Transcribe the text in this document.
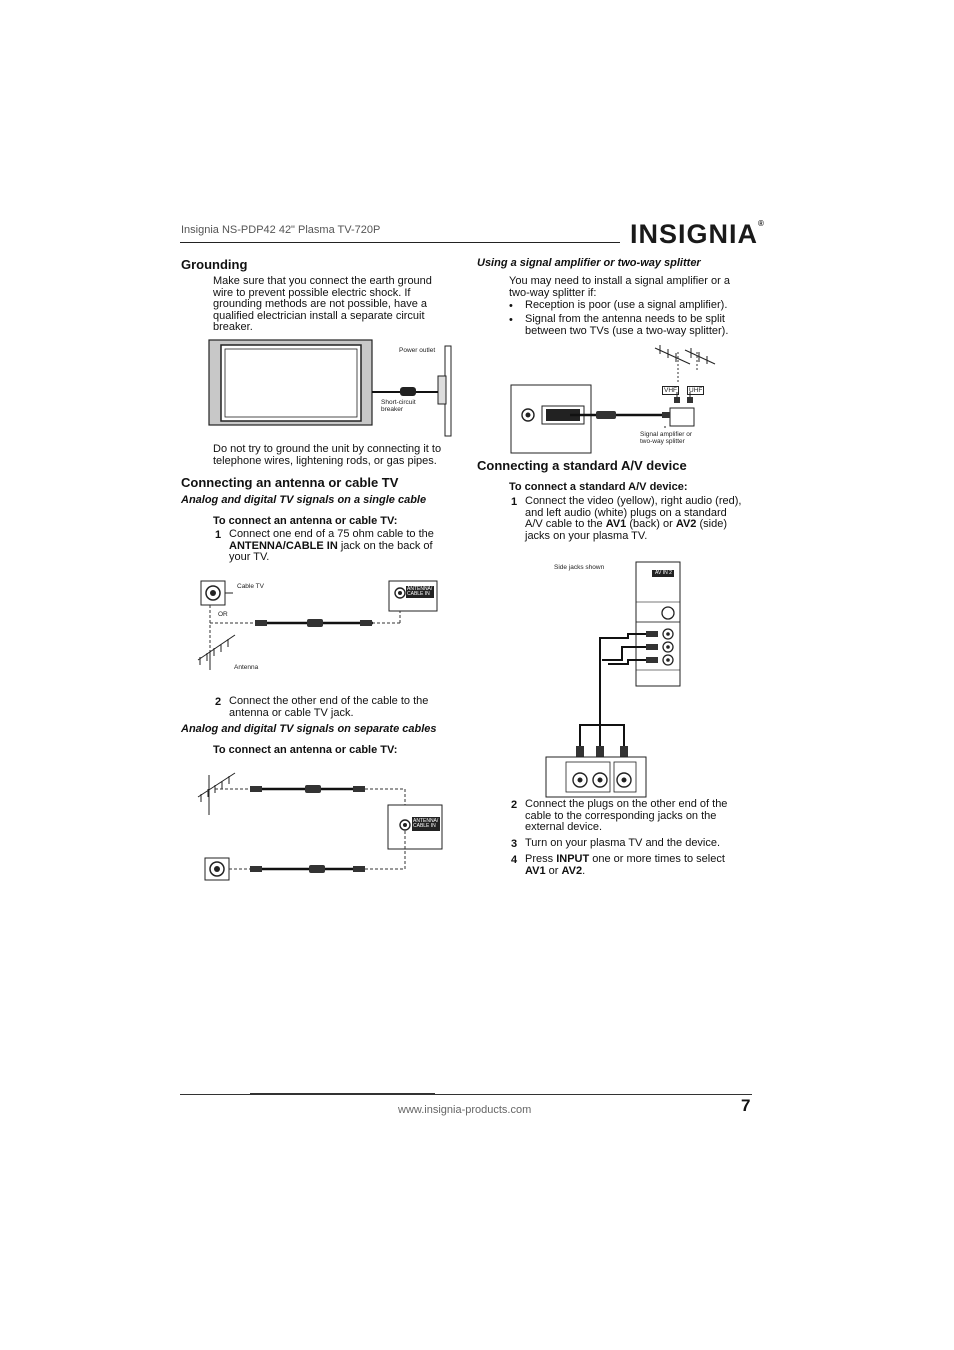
Insignia NS-PDP42 42" Plasma TV-720P	INSIGNIA®
Grounding
Make sure that you connect the earth ground
wire to prevent possible electric shock. If
grounding methods are not possible, have a
qualified electrician install a separate circuit
breaker.
Power outlet
Short-circuit
breaker
Do not try to ground the unit by connecting it to
telephone wires, lightening rods, or gas pipes.
Connecting an antenna or cable TV
Analog and digital TV signals on a single cable
To connect an antenna or cable TV:
1 Connect one end of a 75 ohm cable to the
ANTENNA/CABLE IN jack on the back of
your TV.
Cable TV
OR
Antenna
ANTENNA/
CABLE IN
2 Connect the other end of the cable to the
antenna or cable TV jack.
Analog and digital TV signals on separate cables
To connect an antenna or cable TV:
ANTENNA/
CABLE IN
Using a signal amplifier or two-way splitter
You may need to install a signal amplifier or a
two-way splitter if:
• Reception is poor (use a signal amplifier).
• Signal from the antenna needs to be split
between two TVs (use a two-way splitter).
VHF	UHF
Signal amplifier or
two-way splitter
Connecting a standard A/V device
To connect a standard A/V device:
1 Connect the video (yellow), right audio (red),
and left audio (white) plugs on a standard
A/V cable to the AV1 (back) or AV2 (side)
jacks on your plasma TV.
Side jacks shown
AV IN 2
2 Connect the plugs on the other end of the
cable to the corresponding jacks on the
external device.
3 Turn on your plasma TV and the device.
4 Press INPUT one or more times to select
AV1 or AV2.
www.insignia-products.com	7
